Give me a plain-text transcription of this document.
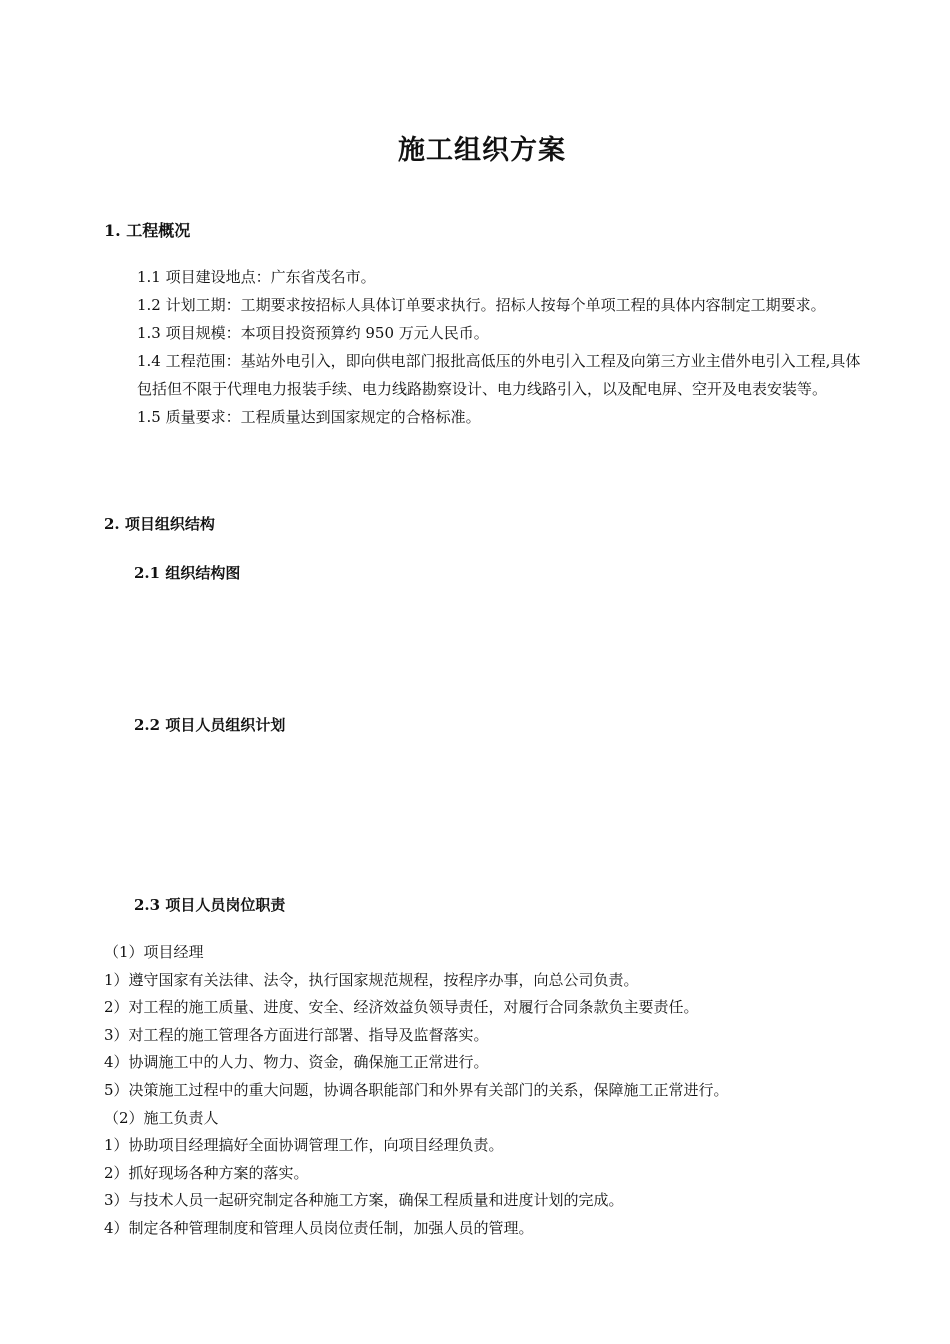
施工组织方案
1. 工程概况

1.1 项目建设地点：广东省茂名市。

1.2 计划工期：工期要求按招标人具体订单要求执行。招标人按每个单项工程的具体内容制定工期要求。

1.3 项目规模：本项目投资预算约 950 万元人民币。

1.4 工程范围：基站外电引入，即向供电部门报批高低压的外电引入工程及向第三方业主借外电引入工程,具体包括但不限于代理电力报装手续、电力线路勘察设计、电力线路引入，以及配电屏、空开及电表安装等。

1.5 质量要求：工程质量达到国家规定的合格标准。

2. 项目组织结构
2.1 组织结构图
2.2 项目人员组织计划
2.3 项目人员岗位职责

（1）项目经理

1）遵守国家有关法律、法令，执行国家规范规程，按程序办事，向总公司负责。

2）对工程的施工质量、进度、安全、经济效益负领导责任，对履行合同条款负主要责任。

3）对工程的施工管理各方面进行部署、指导及监督落实。

4）协调施工中的人力、物力、资金，确保施工正常进行。

5）决策施工过程中的重大问题，协调各职能部门和外界有关部门的关系，保障施工正常进行。

（2）施工负责人

1）协助项目经理搞好全面协调管理工作，向项目经理负责。

2）抓好现场各种方案的落实。

3）与技术人员一起研究制定各种施工方案，确保工程质量和进度计划的完成。

4）制定各种管理制度和管理人员岗位责任制，加强人员的管理。
